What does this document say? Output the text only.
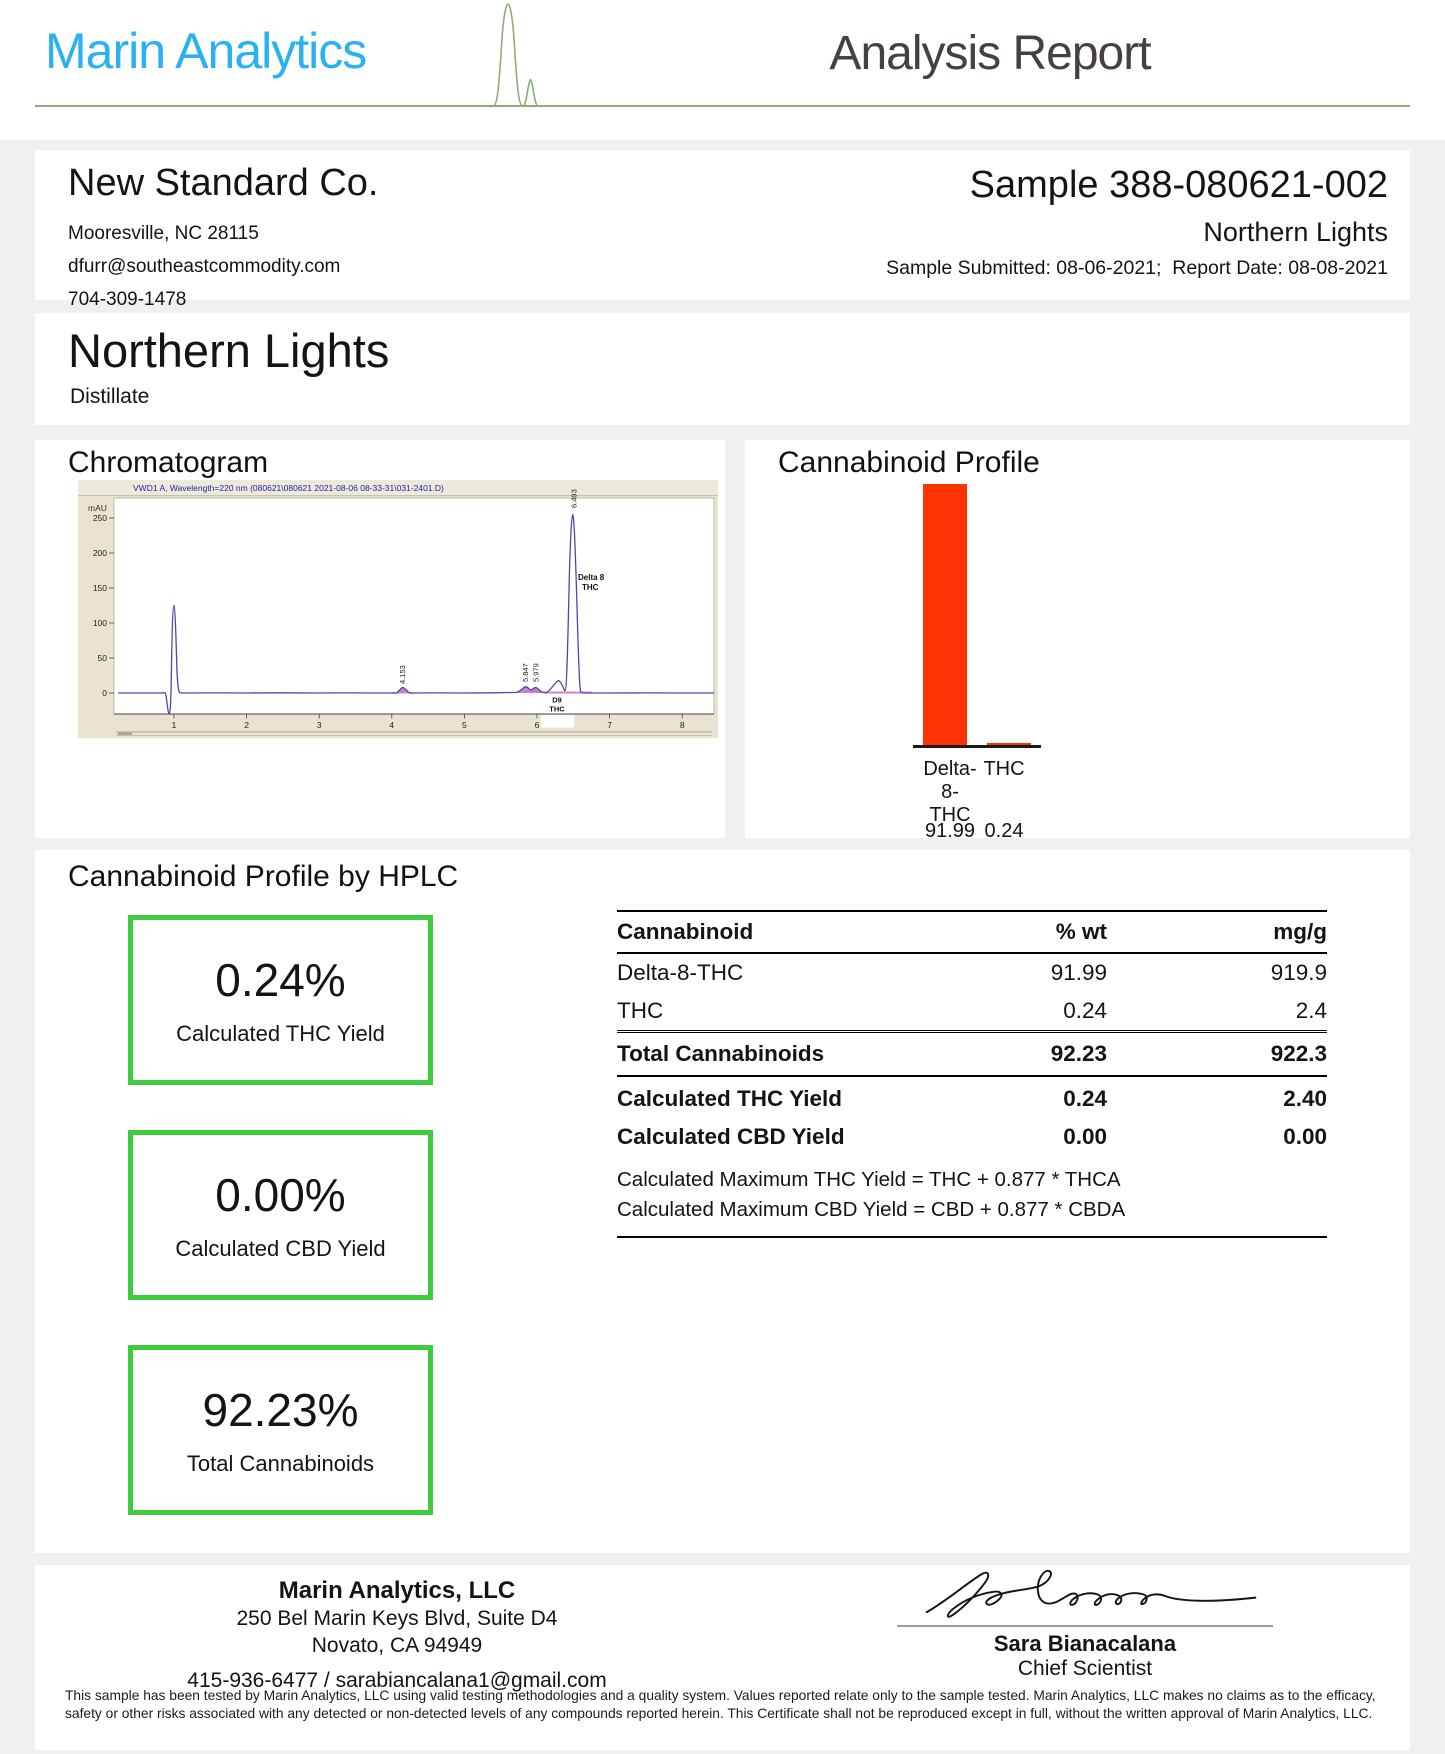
Marin Analytics	Analysis Report
New Standard Co.
Mooresville, NC 28115
dfurr@southeastcommodity.com
704-309-1478
Sample 388-080621-002
Northern Lights
Sample Submitted: 08-06-2021;  Report Date: 08-08-2021
Northern Lights
Distillate
Chromatogram
VWD1 A, Wavelength=220 nm (080621\080621 2021-08-06 08-33-31\031-2401.D)
mAU
250
200
150
100
50
0
4.153	5.847 5.979
6.493
Delta 8
THC
D9
THC
1	2	3	4	5	6	7	8
Cannabinoid Profile
Delta-
8-THC
THC
91.99 0.24
Cannabinoid Profile by HPLC
0.24%
Calculated THC Yield
0.00%
Calculated CBD Yield
92.23%
Total Cannabinoids
Cannabinoid	% wt	mg/g
Delta-8-THC	91.99	919.9
THC	0.24	2.4
Total Cannabinoids	92.23	922.3
Calculated THC Yield	0.24	2.40
Calculated CBD Yield	0.00	0.00
Calculated Maximum THC Yield = THC + 0.877 * THCA
Calculated Maximum CBD Yield = CBD + 0.877 * CBDA
Marin Analytics, LLC
250 Bel Marin Keys Blvd, Suite D4
Novato, CA 94949
415-936-6477 / sarabiancalana1@gmail.com
Sara Bianacalana
Chief Scientist
This sample has been tested by Marin Analytics, LLC using valid testing methodologies and a quality system. Values reported relate only to the sample tested. Marin Analytics, LLC makes no claims as to the efficacy, safety or other risks associated with any detected or non-detected levels of any compounds reported herein. This Certificate shall not be reproduced except in full, without the written approval of Marin Analytics, LLC.
